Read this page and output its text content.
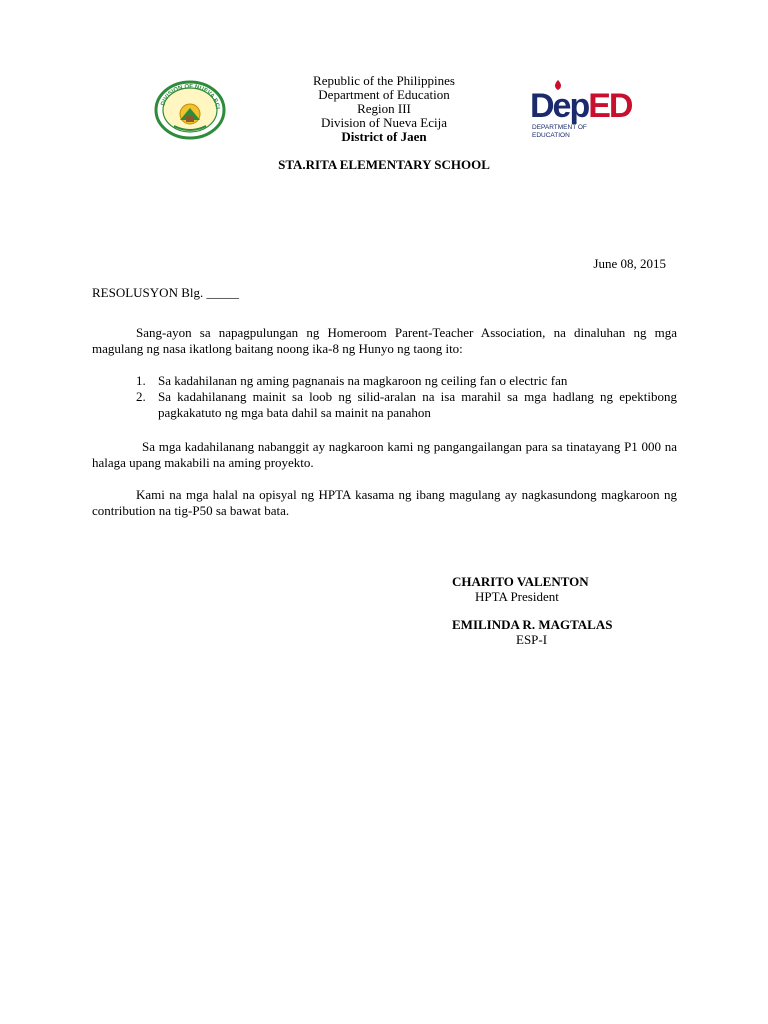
DIVISION OF NUEVA ECI
Republic of the Philippines
Department of Education
Region III
Division of Nueva Ecija
District of Jaen
DepED
DEPARTMENT OF EDUCATION
STA.RITA ELEMENTARY SCHOOL
June 08, 2015
RESOLUSYON Blg. _____
Sang-ayon sa napagpulungan ng Homeroom Parent-Teacher Association, na dinaluhan ng mga magulang ng nasa ikatlong baitang noong ika-8 ng Hunyo ng taong ito:
1. Sa kadahilanan ng aming pagnanais na magkaroon ng ceiling fan o electric fan
2. Sa kadahilanang mainit sa loob ng silid-aralan na isa marahil sa mga hadlang ng epektibong pagkakatuto ng mga bata dahil sa mainit na panahon
Sa mga kadahilanang nabanggit ay nagkaroon kami ng pangangailangan para sa tinatayang P1 000 na halaga upang makabili na aming proyekto.
Kami na mga halal na opisyal ng HPTA kasama ng ibang magulang ay nagkasundong magkaroon ng contribution na tig-P50 sa bawat bata.
CHARITO VALENTON
HPTA President
EMILINDA R. MAGTALAS
ESP-I
